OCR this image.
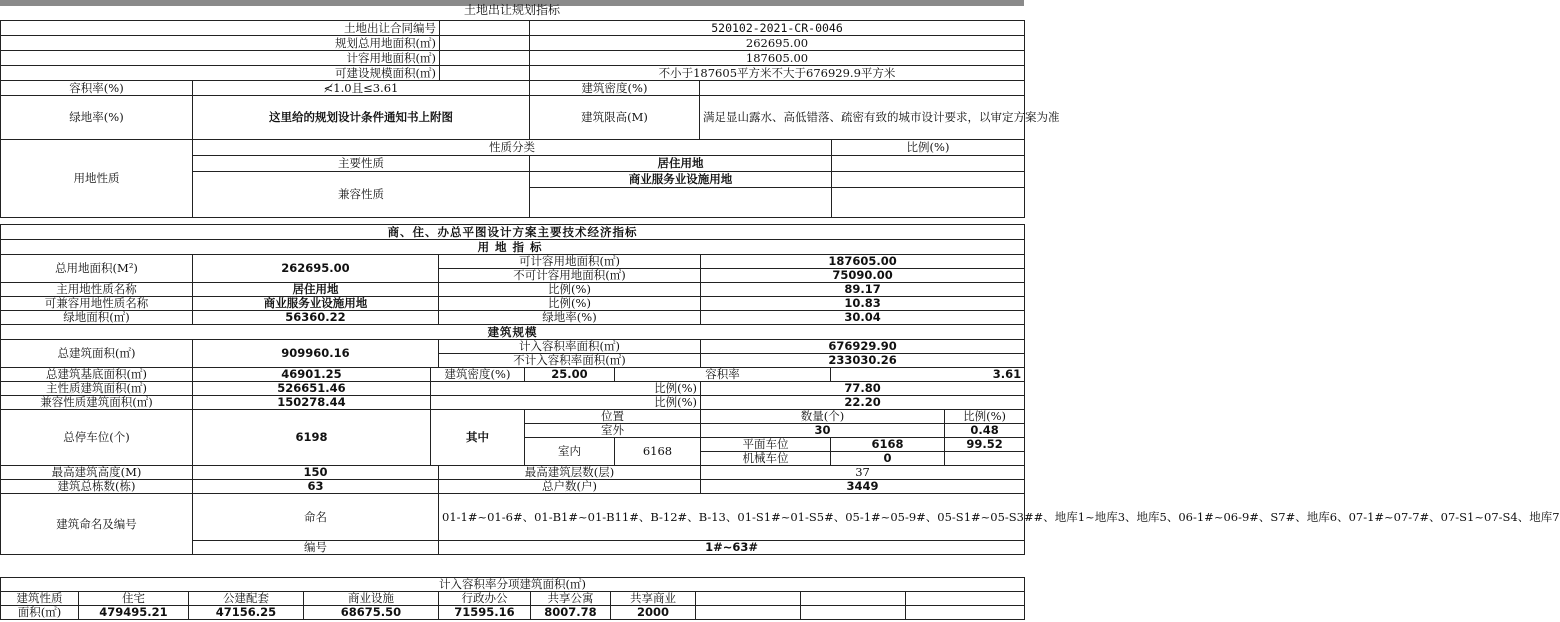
土地出让规划指标
土地出让合同编号			520102-2021-CR-0046		
规划总用地面积(㎡)			262695.00		
计容用地面积(㎡)			187605.00		
可建设规模面积(㎡)			不小于187605平方米不大于676929.9平方米		
容积率(%)	≮1.0且≤3.61		建筑密度(%)		
绿地率(%)	这里给的规划设计条件通知书上附图		建筑限高(M)	满足显山露水、高低错落、疏密有致的城市设计要求，以审定方案为准	
用地性质	性质分类				比例(%)
	主要性质		居住用地		
	兼容性质		商业服务业设施用地		

商、住、办总平图设计方案主要技术经济指标								
用地指标								
总用地面积(M²)	262695.00		可计容用地面积(㎡)			187605.00		
			不可计容用地面积(㎡)			75090.00		
主用地性质名称	居住用地		比例(%)			89.17		
可兼容用地性质名称	商业服务业设施用地		比例(%)			10.83		
绿地面积(㎡)	56360.22		绿地率(%)			30.04		
建筑规模								
总建筑面积(㎡)	909960.16		计入容积率面积(㎡)			676929.90		
			不计入容积率面积(㎡)			233030.26		
总建筑基底面积(㎡)	46901.25	建筑密度(%)		25.00	容积率		3.61	
主性质建筑面积(㎡)	526651.46	比例(%)				77.80		
兼容性质建筑面积(㎡)	150278.44	比例(%)				22.20		
总停车位(个)	6198	其中		位置		数量(个)		比例(%)
				室外		30		0.48
				室内	6168	平面车位	6168	99.52
						机械车位	0	
最高建筑高度(M)	150		最高建筑层数(层)			37		
建筑总栋数(栋)	63		总户数(户)			3449		
建筑命名及编号	命名		01-1#~01-6#、01-B1#~01-B11#、B-12#、B-13、01-S1#~01-S5#、05-1#~05-9#、05-S1#~05-S3##、地库1~地库3、地库5、06-1#~06-9#、S7#、地库6、07-1#~07-7#、07-S1~07-S4、地库7					
	编号		1#~63#					
计入容积率分项建筑面积(㎡)									
建筑性质	住宅	公建配套	商业设施	行政办公	共享公寓	共享商业			
面积(㎡)	479495.21	47156.25	68675.50	71595.16	8007.78	2000			
